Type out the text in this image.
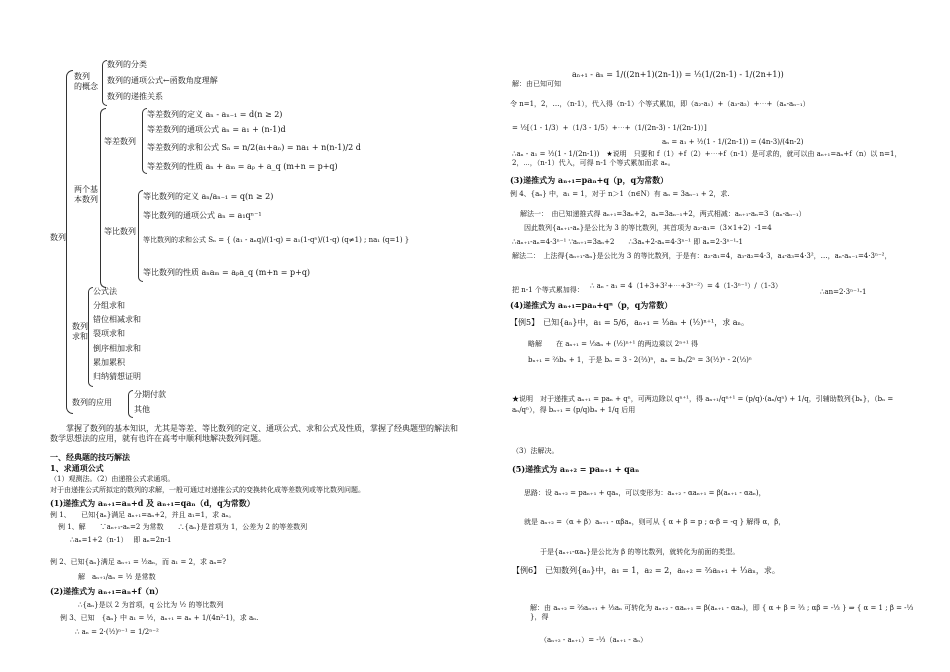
数列
数列
的概念
数列的分类
数列的通项公式←函数角度理解
数列的递推关系
两个基
本数列
等差数列
等差数列的定义 aₙ - aₙ₋₁ = d(n ≥ 2)
等差数列的通项公式 aₙ = a₁ + (n-1)d
等差数列的求和公式 Sₙ = n/2(a₁+aₙ) = na₁ + n(n-1)/2 d
等差数列的性质 aₙ + aₘ = aₚ + a_q (m+n = p+q)
等比数列
等比数列的定义 aₙ/aₙ₋₁ = q(n ≥ 2)
等比数列的通项公式 aₙ = a₁qⁿ⁻¹
等比数列的求和公式 Sₙ = { (a₁ - aₙq)/(1-q) = a₁(1-qⁿ)/(1-q) (q≠1) ; na₁ (q=1) }
等比数列的性质 aₙaₘ = aₚa_q (m+n = p+q)
数列
求和
公式法
分组求和
错位相减求和
裂项求和
倒序相加求和
累加累积
归纳猜想证明
数列的应用
分期付款
其他
掌握了数列的基本知识，尤其是等差、等比数列的定义、通项公式、求和公式及性质，掌握了经典题型的解法和数学思想法的应用，就有也许在高考中顺利地解决数列问题。
一、经典题的技巧解法
1、求通项公式
（1）观测法。（2）由递推公式求通项。
对于由递推公式所拟定的数列的求解，一般可通过对递推公式的变换转化成等差数列或等比数列问题。
(1)递推式为 aₙ₊₁=aₙ+d 及 aₙ₊₁=qaₙ（d，q为常数）
例 1、　　已知{aₙ}满足 aₙ₊₁=aₙ+2，并且 a₁=1，求 aₙ。
例 1、解　　∵aₙ₊₁-aₙ=2 为常数　　∴{aₙ}是首项为 1，公差为 2 的等差数列
∴aₙ=1+2（n-1）　 即 aₙ=2n-1
例 2、已知{aₙ}满足 aₙ₊₁ = ½aₙ，而 a₁ = 2，求 aₙ=?
解　aₙ₊₁/aₙ = ½ 是常数
(2)递推式为 aₙ₊₁=aₙ+f（n）
∴{aₙ}是以 2 为首项，q 公比为 ½ 的等比数列
例 3、已知　{aₙ} 中 a₁ = ½，aₙ₊₁ = aₙ + 1/(4n²-1)，求 aₙ.
∴ aₙ = 2·(½)ⁿ⁻¹ = 1/2ⁿ⁻²
解：由已知可知
aₙ₊₁ - aₙ = 1/((2n+1)(2n-1)) = ½(1/(2n-1) - 1/(2n+1))
令 n=1，2，…，（n-1），代入得（n-1）个等式累加，即（a₂-a₁）+（a₃-a₂）+⋯+（aₙ-aₙ₋₁）
= ½[（1 - 1/3）+（1/3 - 1/5）+⋯+（1/(2n-3) - 1/(2n-1)）]
aₙ = a₁ + ½(1 - 1/(2n-1)) = (4n-3)/(4n-2)
∴aₙ - a₁ = ½(1 - 1/(2n-1))　★说明　只要和 f（1）+f（2）+⋯+f（n-1）是可求的，就可以由 aₙ₊₁=aₙ+f（n）以 n=1，2，⋯，（n-1）代入，可得 n-1 个等式累加而求 aₙ。
(3)递推式为 aₙ₊₁=paₙ+q（p，q为常数）
例 4、{aₙ} 中，a₁ = 1，对于 n＞1（n∈N）有 aₙ = 3aₙ₋₁ + 2，求.
解法一：　由已知递推式得 aₙ₊₁=3aₙ+2，aₙ=3aₙ₋₁+2，两式相减：aₙ₊₁-aₙ=3（aₙ-aₙ₋₁）
因此数列{aₙ₊₁-aₙ}是公比为 3 的等比数列，其首项为 a₂-a₁=（3×1+2）-1=4
∴aₙ₊₁-aₙ=4·3ⁿ⁻¹ ∵aₙ₊₁=3aₙ+2　　∴3aₙ+2-aₙ=4·3ⁿ⁻¹ 即 aₙ=2·3ⁿ⁻¹-1
解法二：　上法得{aₙ₊₁-aₙ}是公比为 3 的等比数列，于是有：a₂-a₁=4，a₃-a₂=4·3，a₄-a₃=4·3²，…，aₙ-aₙ₋₁=4·3ⁿ⁻²，
把 n-1 个等式累加得： ∴ aₙ - a₁ = 4（1+3+3²+⋯+3ⁿ⁻²）= 4（1-3ⁿ⁻¹）/（1-3）
∴an=2·3ⁿ⁻¹-1
(4)递推式为 aₙ₊₁=paₙ+qⁿ（p，q为常数）
【例5】　已知{aₙ}中，a₁ = 5/6，aₙ₊₁ = ⅓aₙ + (½)ⁿ⁺¹，求 aₙ。
略解　　在 aₙ₊₁ = ⅓aₙ + (½)ⁿ⁺¹ 的两边乘以 2ⁿ⁺¹ 得
bₙ₊₁ = ⅔bₙ + 1，于是 bₙ = 3 - 2(⅔)ⁿ，aₙ = bₙ/2ⁿ = 3(½)ⁿ - 2(⅓)ⁿ
★说明　对于递推式 aₙ₊₁ = paₙ + qⁿ，可两边除以 qⁿ⁺¹，得 aₙ₊₁/qⁿ⁺¹ = (p/q)·(aₙ/qⁿ) + 1/q，引辅助数列{bₙ}，（bₙ = aₙ/qⁿ），得 bₙ₊₁ = (p/q)bₙ + 1/q 后用
（3）法解决。
(5)递推式为 aₙ₊₂ = paₙ₊₁ + qaₙ
思路：设 aₙ₊₂ = paₙ₊₁ + qaₙ，可以变形为：aₙ₊₂ - αaₙ₊₁ = β(aₙ₊₁ - αaₙ)，
就是 aₙ₊₂ =（α + β）aₙ₊₁ - αβaₙ，则可从 { α + β = p ; α·β = -q } 解得 α，β，
于是{aₙ₊₁-αaₙ}是公比为 β 的等比数列，就转化为前面的类型。
【例6】　已知数列{aₙ}中，a₁ = 1，a₂ = 2，aₙ₊₂ = ⅔aₙ₊₁ + ⅓aₙ，求。
解：由 aₙ₊₂ = ⅔aₙ₊₁ + ⅓aₙ 可转化为 aₙ₊₂ - αaₙ₊₁ = β(aₙ₊₁ - αaₙ)，即 { α + β = ⅔ ; αβ = -⅓ } ⇒ { α = 1 ; β = -⅓ }，得
（aₙ₊₂ - aₙ₊₁）= -⅓（aₙ₊₁ - aₙ）
